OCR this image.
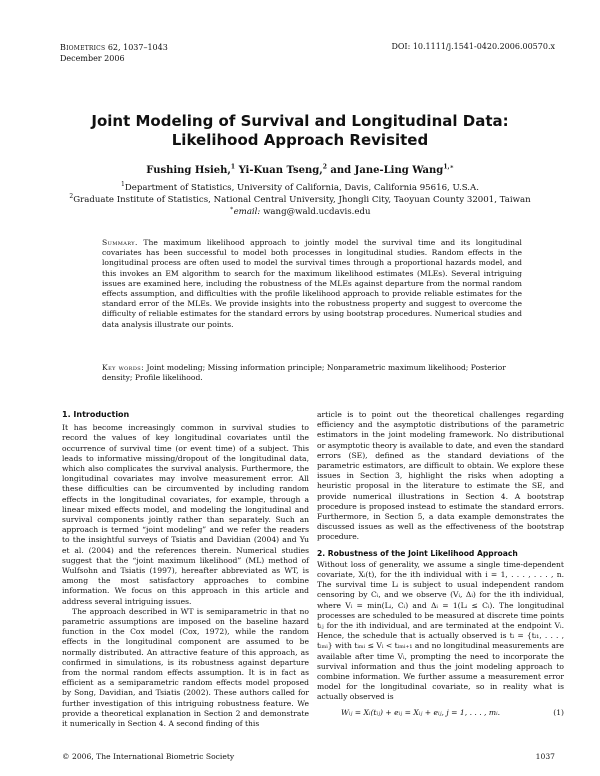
Biometrics 62, 1037–1043
December 2006
DOI: 10.1111/j.1541-0420.2006.00570.x
Joint Modeling of Survival and Longitudinal Data:
Likelihood Approach Revisited
Fushing Hsieh,$^1$ Yi-Kuan Tseng,$^2$ and Jane-Ling Wang$^{1,∗}$
$^1$Department of Statistics, University of California, Davis, California 95616, U.S.A.
$^2$Graduate Institute of Statistics, National Central University, Jhongli City, Taoyuan County 32001, Taiwan
∗email: wang@wald.ucdavis.edu
Summary. The maximum likelihood approach to jointly model the survival time and its longitudinal covariates has been successful to model both processes in longitudinal studies. Random effects in the longitudinal process are often used to model the survival times through a proportional hazards model, and this invokes an EM algorithm to search for the maximum likelihood estimates (MLEs). Several intriguing issues are examined here, including the robustness of the MLEs against departure from the normal random effects assumption, and difficulties with the profile likelihood approach to provide reliable estimates for the standard error of the MLEs. We provide insights into the robustness property and suggest to overcome the difficulty of reliable estimates for the standard errors by using bootstrap procedures. Numerical studies and data analysis illustrate our points.
Key words: Joint modeling; Missing information principle; Nonparametric maximum likelihood; Posterior density; Profile likelihood.
1. Introduction

It has become increasingly common in survival studies to record the values of key longitudinal covariates until the occurrence of survival time (or event time) of a subject. This leads to informative missing/dropout of the longitudinal data, which also complicates the survival analysis. Furthermore, the longitudinal covariates may involve measurement error. All these difficulties can be circumvented by including random effects in the longitudinal covariates, for example, through a linear mixed effects model, and modeling the longitudinal and survival components jointly rather than separately. Such an approach is termed “joint modeling” and we refer the readers to the insightful surveys of Tsiatis and Davidian (2004) and Yu et al. (2004) and the references therein. Numerical studies suggest that the “joint maximum likelihood” (ML) method of Wulfsohn and Tsiatis (1997), hereafter abbreviated as WT, is among the most satisfactory approaches to combine information. We focus on this approach in this article and address several intriguing issues.

The approach described in WT is semiparametric in that no parametric assumptions are imposed on the baseline hazard function in the Cox model (Cox, 1972), while the random effects in the longitudinal component are assumed to be normally distributed. An attractive feature of this approach, as confirmed in simulations, is its robustness against departure from the normal random effects assumption. It is in fact as efficient as a semiparametric random effects model proposed by Song, Davidian, and Tsiatis (2002). These authors called for further investigation of this intriguing robustness feature. We provide a theoretical explanation in Section 2 and demonstrate it numerically in Section 4. A second finding of this

article is to point out the theoretical challenges regarding efficiency and the asymptotic distributions of the parametric estimators in the joint modeling framework. No distributional or asymptotic theory is available to date, and even the standard errors (SE), defined as the standard deviations of the parametric estimators, are difficult to obtain. We explore these issues in Section 3, highlight the risks when adopting a heuristic proposal in the literature to estimate the SE, and provide numerical illustrations in Section 4. A bootstrap procedure is proposed instead to estimate the standard errors. Furthermore, in Section 5, a data example demonstrates the discussed issues as well as the effectiveness of the bootstrap procedure.

2. Robustness of the Joint Likelihood Approach

Without loss of generality, we assume a single time-dependent covariate, Xᵢ(t), for the ith individual with i = 1, . . . , . . . , n. The survival time Lᵢ is subject to usual independent random censoring by Cᵢ, and we observe (Vᵢ, Δᵢ) for the ith individual, where Vᵢ = min(Lᵢ, Cᵢ) and Δᵢ = 1(Lᵢ ≤ Cᵢ). The longitudinal processes are scheduled to be measured at discrete time points tᵢⱼ for the ith individual, and are terminated at the endpoint Vᵢ. Hence, the schedule that is actually observed is tᵢ = {tᵢ₁, . . . , tᵢₘᵢ} with tᵢₘᵢ ≤ Vᵢ < tᵢₘᵢ₊₁ and no longitudinal measurements are available after time Vᵢ, prompting the need to incorporate the survival information and thus the joint modeling approach to combine information. We further assume a measurement error model for the longitudinal covariate, so in reality what is actually observed is

Wᵢⱼ = Xᵢ(tᵢⱼ) + eᵢⱼ = Xᵢⱼ + eᵢⱼ, j = 1, . . . , mᵢ.	(1)
© 2006, The International Biometric Society	1037
